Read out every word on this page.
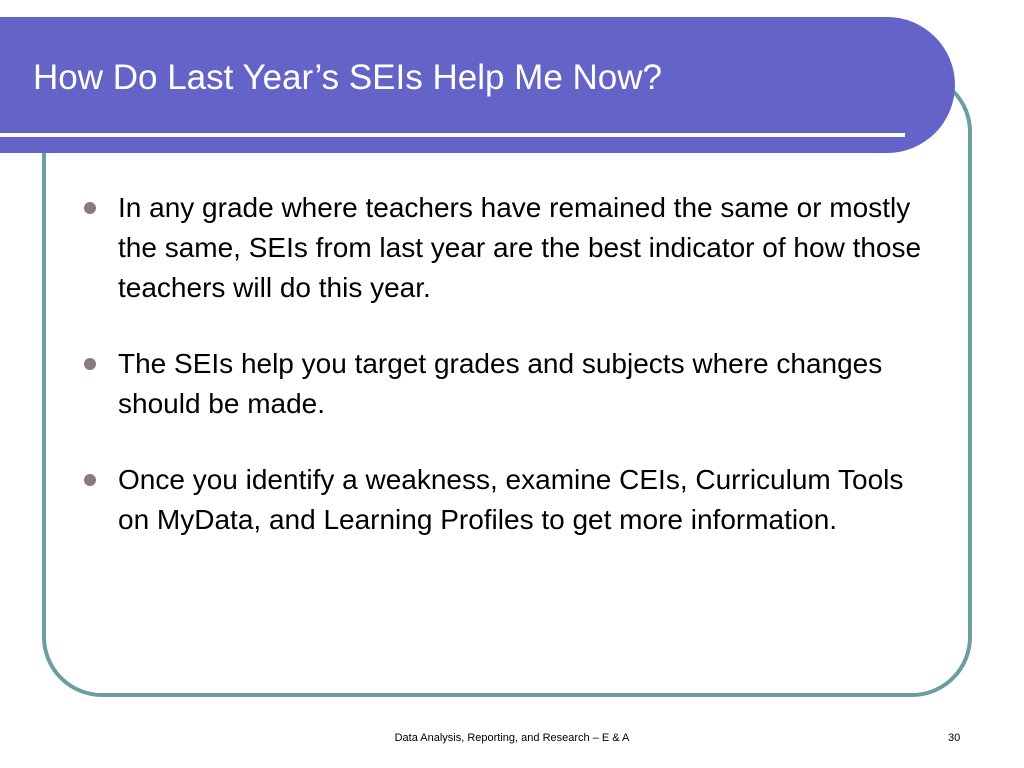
How Do Last Year’s SEIs Help Me Now?
In any grade where teachers have remained the same or mostly the same, SEIs from last year are the best indicator of how those teachers will do this year.
The SEIs help you target grades and subjects where changes should be made.
Once you identify a weakness, examine CEIs, Curriculum Tools on MyData, and Learning Profiles to get more information.
Data Analysis, Reporting, and Research – E & A	30
